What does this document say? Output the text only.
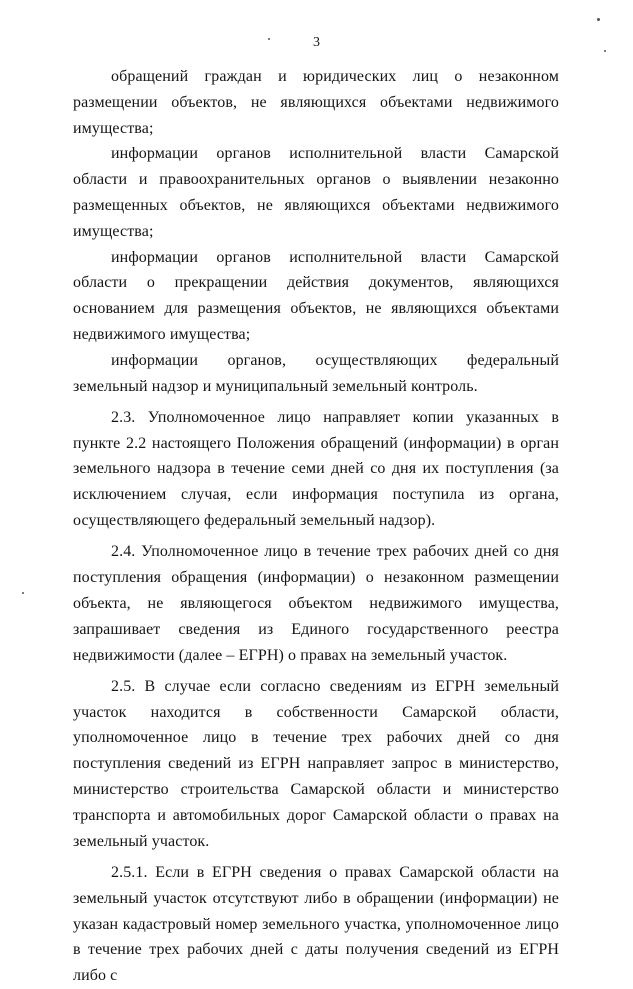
3

обращений граждан и юридических лиц о незаконном размещении объектов, не являющихся объектами недвижимого имущества;

информации органов исполнительной власти Самарской области и правоохранительных органов о выявлении незаконно размещенных объектов, не являющихся объектами недвижимого имущества;

информации органов исполнительной власти Самарской области о прекращении действия документов, являющихся основанием для размещения объектов, не являющихся объектами недвижимого имущества;

информации органов, осуществляющих федеральный земельный надзор и муниципальный земельный контроль.

2.3. Уполномоченное лицо направляет копии указанных в пункте 2.2 настоящего Положения обращений (информации) в орган земельного надзора в течение семи дней со дня их поступления (за исключением случая, если информация поступила из органа, осуществляющего федеральный земельный надзор).

2.4. Уполномоченное лицо в течение трех рабочих дней со дня поступления обращения (информации) о незаконном размещении объекта, не являющегося объектом недвижимого имущества, запрашивает сведения из Единого государственного реестра недвижимости (далее – ЕГРН) о правах на земельный участок.

2.5. В случае если согласно сведениям из ЕГРН земельный участок находится в собственности Самарской области, уполномоченное лицо в течение трех рабочих дней со дня поступления сведений из ЕГРН направляет запрос в министерство, министерство строительства Самарской области и министерство транспорта и автомобильных дорог Самарской области о правах на земельный участок.

2.5.1. Если в ЕГРН сведения о правах Самарской области на земельный участок отсутствуют либо в обращении (информации) не указан кадастровый номер земельного участка, уполномоченное лицо в течение трех рабочих дней с даты получения сведений из ЕГРН либо с
